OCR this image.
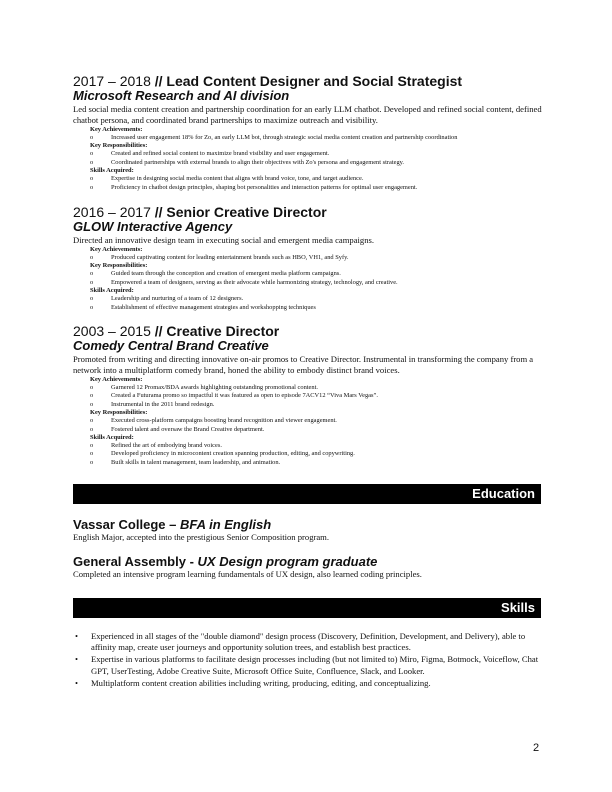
2017 – 2018 // Lead Content Designer and Social Strategist
Microsoft Research and AI division
Led social media content creation and partnership coordination for an early LLM chatbot. Developed and refined social content, defined chatbot persona, and coordinated brand partnerships to maximize outreach and visibility.
Key Achievements:
o	Increased user engagement 18% for Zo, an early LLM bot, through strategic social media content creation and partnership coordination
Key Responsibilities:
o	Created and refined social content to maximize brand visibility and user engagement.
o	Coordinated partnerships with external brands to align their objectives with Zo's persona and engagement strategy.
Skills Acquired:
o	Expertise in designing social media content that aligns with brand voice, tone, and target audience.
o	Proficiency in chatbot design principles, shaping bot personalities and interaction patterns for optimal user engagement.
2016 – 2017 // Senior Creative Director
GLOW Interactive Agency
Directed an innovative design team in executing social and emergent media campaigns.
Key Achievements:
o	Produced captivating content for leading entertainment brands such as HBO, VH1, and Syfy.
Key Responsibilities:
o	Guided team through the conception and creation of emergent media platform campaigns.
o	Empowered a team of designers, serving as their advocate while harmonizing strategy, technology, and creative.
Skills Acquired:
o	Leadership and nurturing of a team of 12 designers.
o	Establishment of effective management strategies and workshopping techniques
2003 – 2015 // Creative Director
Comedy Central Brand Creative
Promoted from writing and directing innovative on-air promos to Creative Director. Instrumental in transforming the company from a network into a multiplatform comedy brand, honed the ability to embody distinct brand voices.
Key Achievements:
o	Garnered 12 Promax/BDA awards highlighting outstanding promotional content.
o	Created a Futurama promo so impactful it was featured as open to episode 7ACV12 “Viva Mars Vegas”.
o	Instrumental in the 2011 brand redesign.
Key Responsibilities:
o	Executed cross-platform campaigns boosting brand recognition and viewer engagement.
o	Fostered talent and oversaw the Brand Creative department.
Skills Acquired:
o	Refined the art of embodying brand voices.
o	Developed proficiency in microcontent creation spanning production, editing, and copywriting.
o	Built skills in talent management, team leadership, and animation.
Education
Vassar College – BFA in English
English Major, accepted into the prestigious Senior Composition program.
General Assembly - UX Design program graduate
Completed an intensive program learning fundamentals of UX design, also learned coding principles.
Skills
•	Experienced in all stages of the "double diamond" design process (Discovery, Definition, Development, and Delivery), able to affinity map, create user journeys and opportunity solution trees, and establish best practices.
•	Expertise in various platforms to facilitate design processes including (but not limited to) Miro, Figma, Botmock, Voiceflow, Chat GPT, UserTesting, Adobe Creative Suite, Microsoft Office Suite, Confluence, Slack, and Looker.
•	Multiplatform content creation abilities including writing, producing, editing, and conceptualizing.
2
